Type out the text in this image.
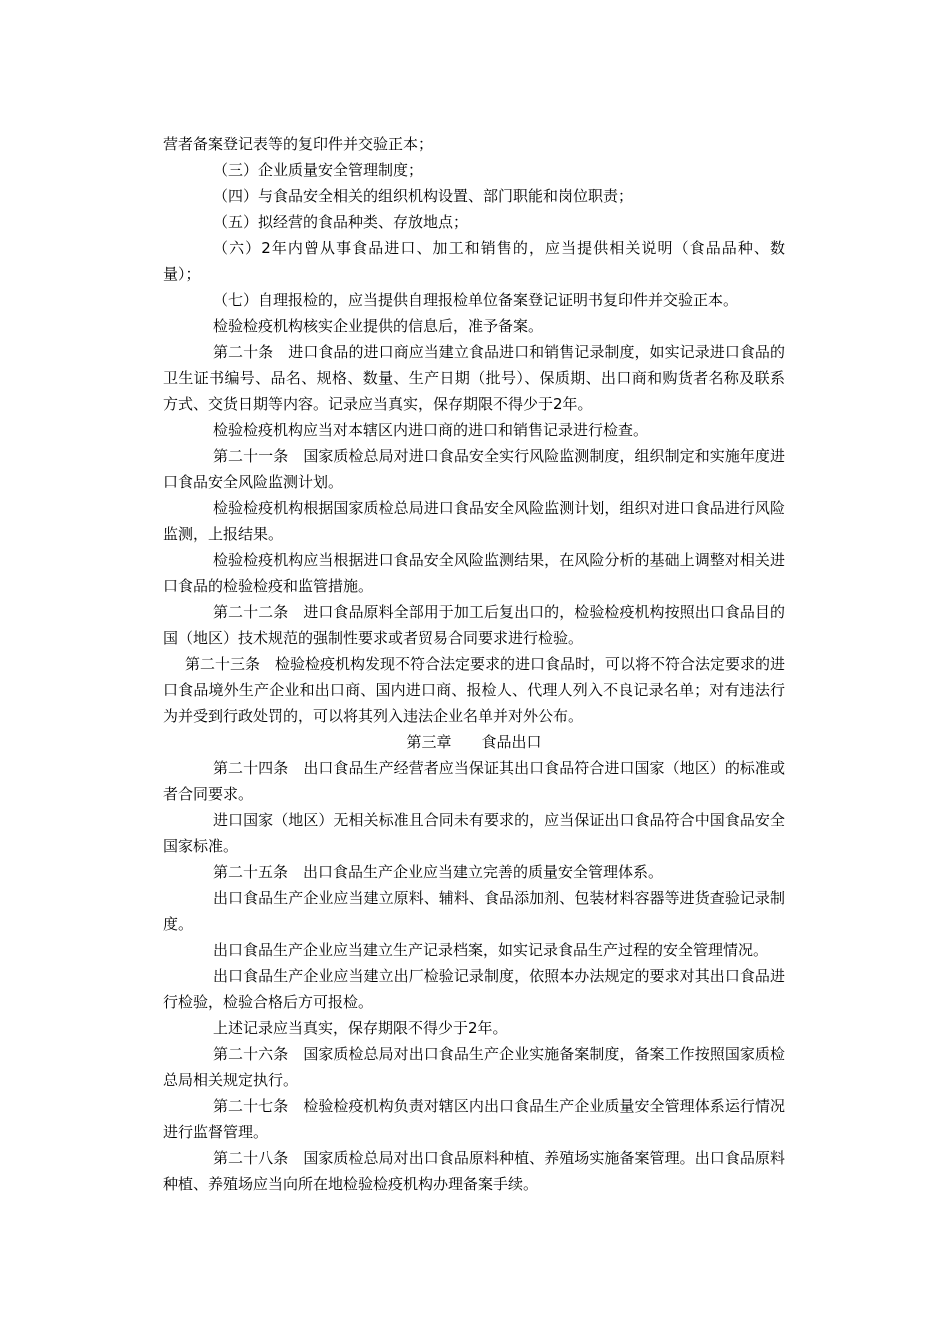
营者备案登记表等的复印件并交验正本；

（三）企业质量安全管理制度；

（四）与食品安全相关的组织机构设置、部门职能和岗位职责；

（五）拟经营的食品种类、存放地点；

（六）2年内曾从事食品进口、加工和销售的，应当提供相关说明（食品品种、数量）；

（七）自理报检的，应当提供自理报检单位备案登记证明书复印件并交验正本。

检验检疫机构核实企业提供的信息后，准予备案。

第二十条　进口食品的进口商应当建立食品进口和销售记录制度，如实记录进口食品的卫生证书编号、品名、规格、数量、生产日期（批号）、保质期、出口商和购货者名称及联系方式、交货日期等内容。记录应当真实，保存期限不得少于2年。

检验检疫机构应当对本辖区内进口商的进口和销售记录进行检查。

第二十一条　国家质检总局对进口食品安全实行风险监测制度，组织制定和实施年度进口食品安全风险监测计划。

检验检疫机构根据国家质检总局进口食品安全风险监测计划，组织对进口食品进行风险监测，上报结果。

检验检疫机构应当根据进口食品安全风险监测结果，在风险分析的基础上调整对相关进口食品的检验检疫和监管措施。

第二十二条　进口食品原料全部用于加工后复出口的，检验检疫机构按照出口食品目的国（地区）技术规范的强制性要求或者贸易合同要求进行检验。

第二十三条　检验检疫机构发现不符合法定要求的进口食品时，可以将不符合法定要求的进口食品境外生产企业和出口商、国内进口商、报检人、代理人列入不良记录名单；对有违法行为并受到行政处罚的，可以将其列入违法企业名单并对外公布。

第三章 食品出口

第二十四条　出口食品生产经营者应当保证其出口食品符合进口国家（地区）的标准或者合同要求。

进口国家（地区）无相关标准且合同未有要求的，应当保证出口食品符合中国食品安全国家标准。

第二十五条　出口食品生产企业应当建立完善的质量安全管理体系。

出口食品生产企业应当建立原料、辅料、食品添加剂、包装材料容器等进货查验记录制度。

出口食品生产企业应当建立生产记录档案，如实记录食品生产过程的安全管理情况。

出口食品生产企业应当建立出厂检验记录制度，依照本办法规定的要求对其出口食品进行检验，检验合格后方可报检。

上述记录应当真实，保存期限不得少于2年。

第二十六条　国家质检总局对出口食品生产企业实施备案制度，备案工作按照国家质检总局相关规定执行。

第二十七条　检验检疫机构负责对辖区内出口食品生产企业质量安全管理体系运行情况进行监督管理。

第二十八条　国家质检总局对出口食品原料种植、养殖场实施备案管理。出口食品原料种植、养殖场应当向所在地检验检疫机构办理备案手续。
